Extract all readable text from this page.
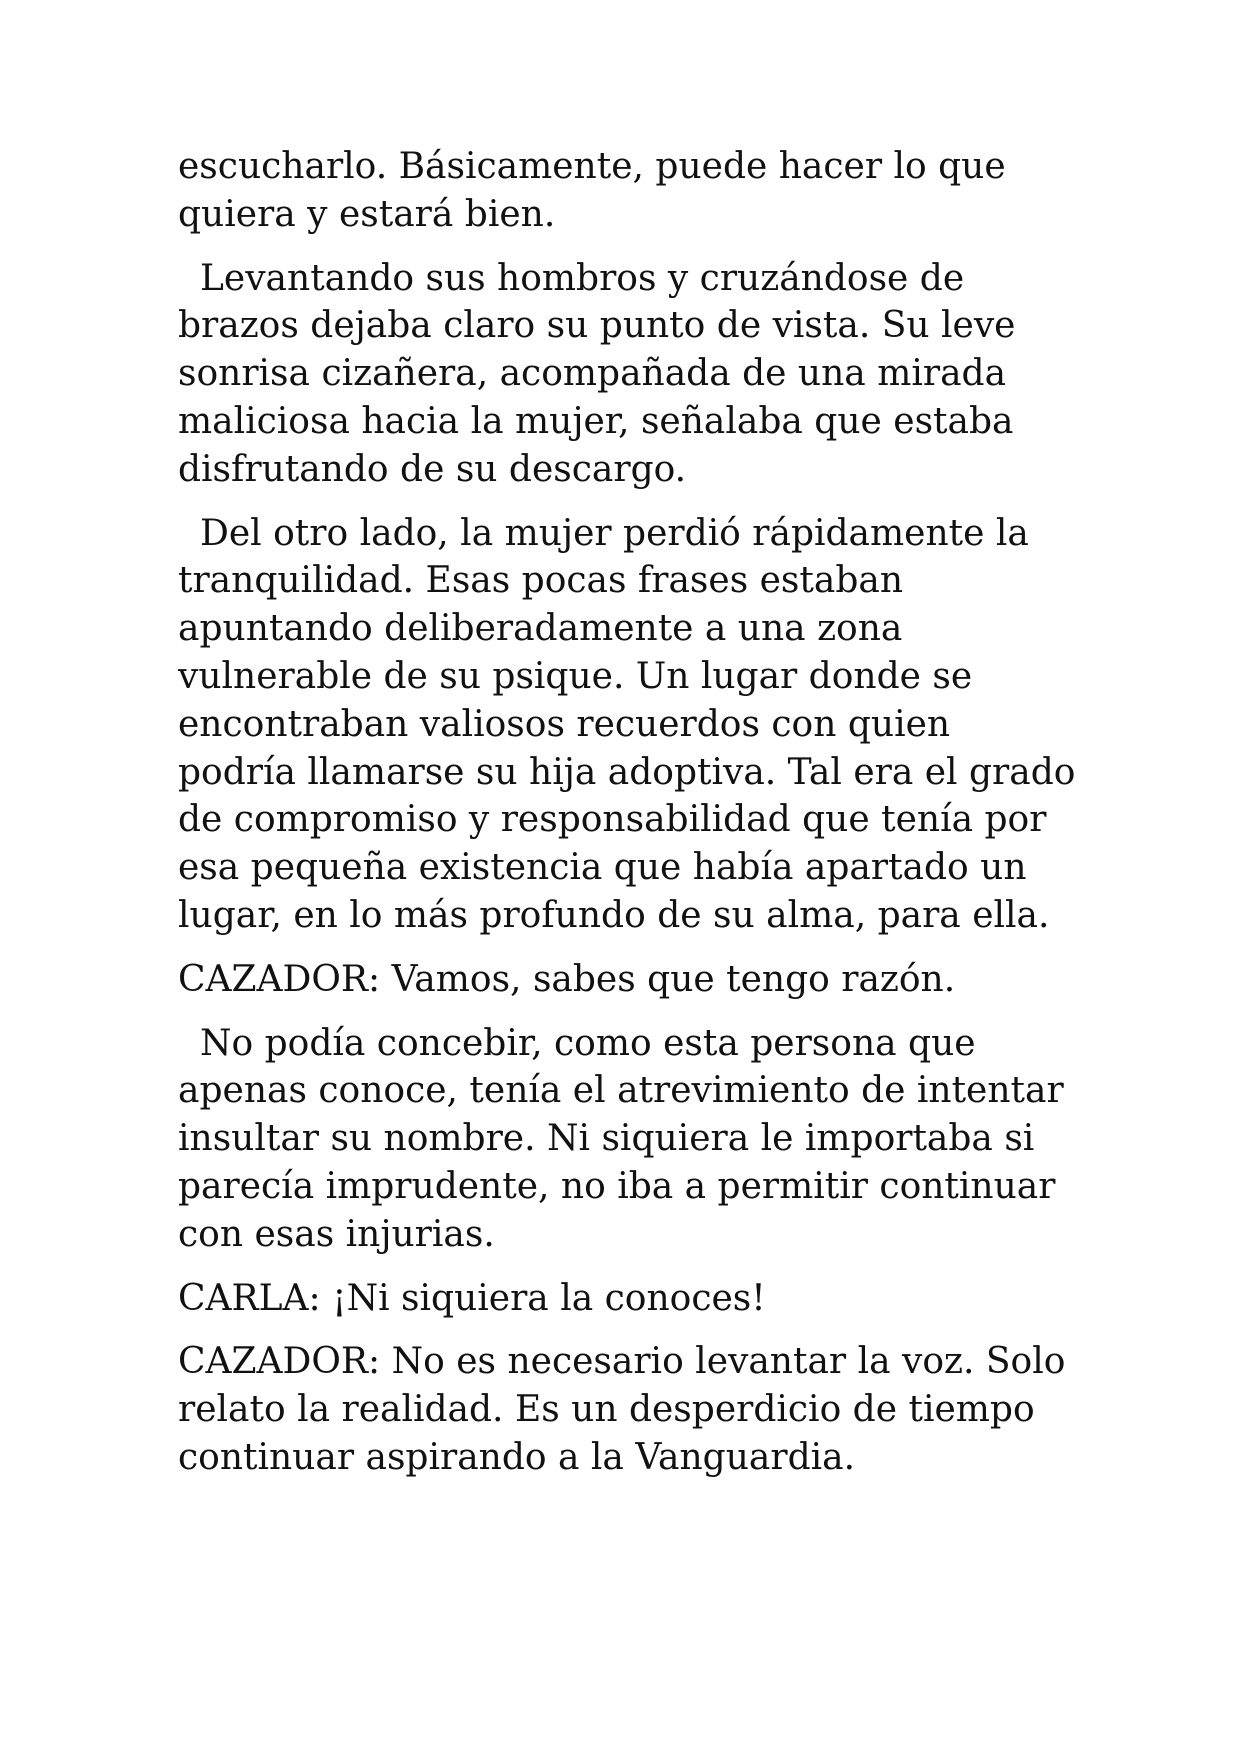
escucharlo. Básicamente, puede hacer lo que quiera y estará bien.

Levantando sus hombros y cruzándose de brazos dejaba claro su punto de vista. Su leve sonrisa cizañera, acompañada de una mirada maliciosa hacia la mujer, señalaba que estaba disfrutando de su descargo.

Del otro lado, la mujer perdió rápidamente la tranquilidad. Esas pocas frases estaban apuntando deliberadamente a una zona vulnerable de su psique. Un lugar donde se encontraban valiosos recuerdos con quien podría llamarse su hija adoptiva. Tal era el grado de compromiso y responsabilidad que tenía por esa pequeña existencia que había apartado un lugar, en lo más profundo de su alma, para ella.

CAZADOR: Vamos, sabes que tengo razón.

No podía concebir, como esta persona que apenas conoce, tenía el atrevimiento de intentar insultar su nombre. Ni siquiera le importaba si parecía imprudente, no iba a permitir continuar con esas injurias.

CARLA: ¡Ni siquiera la conoces!

CAZADOR: No es necesario levantar la voz. Solo relato la realidad. Es un desperdicio de tiempo continuar aspirando a la Vanguardia.
